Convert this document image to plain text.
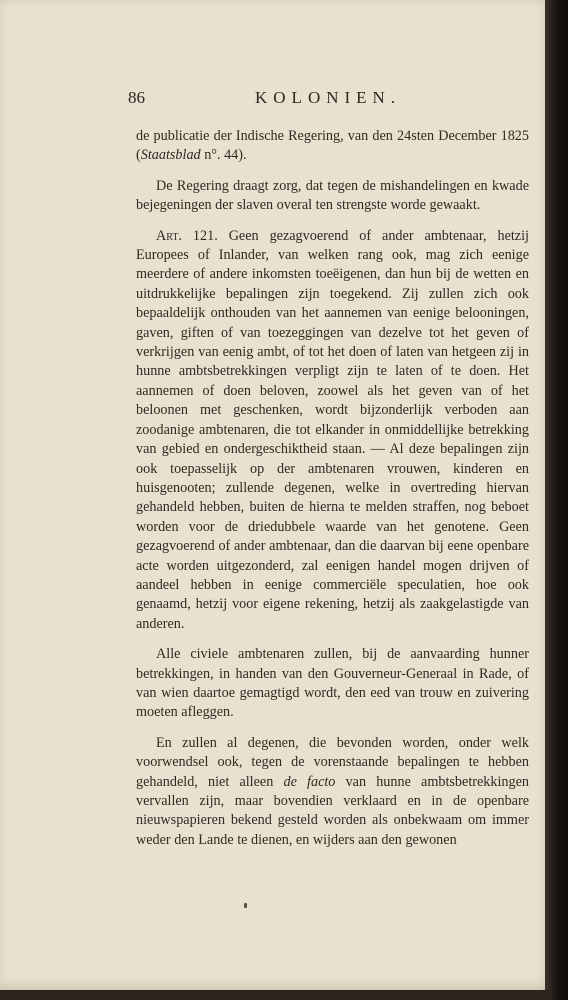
86	KOLONIEN.

de publicatie der Indische Regering, van den 24sten December 1825 (Staatsblad n°. 44).

De Regering draagt zorg, dat tegen de mishandelingen en kwade bejegeningen der slaven overal ten strengste worde gewaakt.

Art. 121. Geen gezagvoerend of ander ambtenaar, hetzij Europees of Inlander, van welken rang ook, mag zich eenige meerdere of andere inkomsten toeëigenen, dan hun bij de wetten en uitdrukkelijke bepalingen zijn toegekend. Zij zullen zich ook bepaaldelijk onthouden van het aannemen van eenige belooningen, gaven, giften of van toezeggingen van dezelve tot het geven of verkrijgen van eenig ambt, of tot het doen of laten van hetgeen zij in hunne ambtsbetrekkingen verpligt zijn te laten of te doen. Het aannemen of doen beloven, zoowel als het geven van of het beloonen met geschenken, wordt bijzonderlijk verboden aan zoodanige ambtenaren, die tot elkander in onmiddellijke betrekking van gebied en ondergeschiktheid staan. — Al deze bepalingen zijn ook toepasselijk op der ambtenaren vrouwen, kinderen en huisgenooten; zullende degenen, welke in overtreding hiervan gehandeld hebben, buiten de hierna te melden straffen, nog beboet worden voor de driedubbele waarde van het genotene. Geen gezagvoerend of ander ambtenaar, dan die daarvan bij eene openbare acte worden uitgezonderd, zal eenigen handel mogen drijven of aandeel hebben in eenige commerciële speculatien, hoe ook genaamd, hetzij voor eigene rekening, hetzij als zaakgelastigde van anderen.

Alle civiele ambtenaren zullen, bij de aanvaarding hunner betrekkingen, in handen van den Gouverneur-Generaal in Rade, of van wien daartoe gemagtigd wordt, den eed van trouw en zuivering moeten afleggen.

En zullen al degenen, die bevonden worden, onder welk voorwendsel ook, tegen de vorenstaande bepalingen te hebben gehandeld, niet alleen de facto van hunne ambtsbetrekkingen vervallen zijn, maar bovendien verklaard en in de openbare nieuwspapieren bekend gesteld worden als onbekwaam om immer weder den Lande te dienen, en wijders aan den gewonen
